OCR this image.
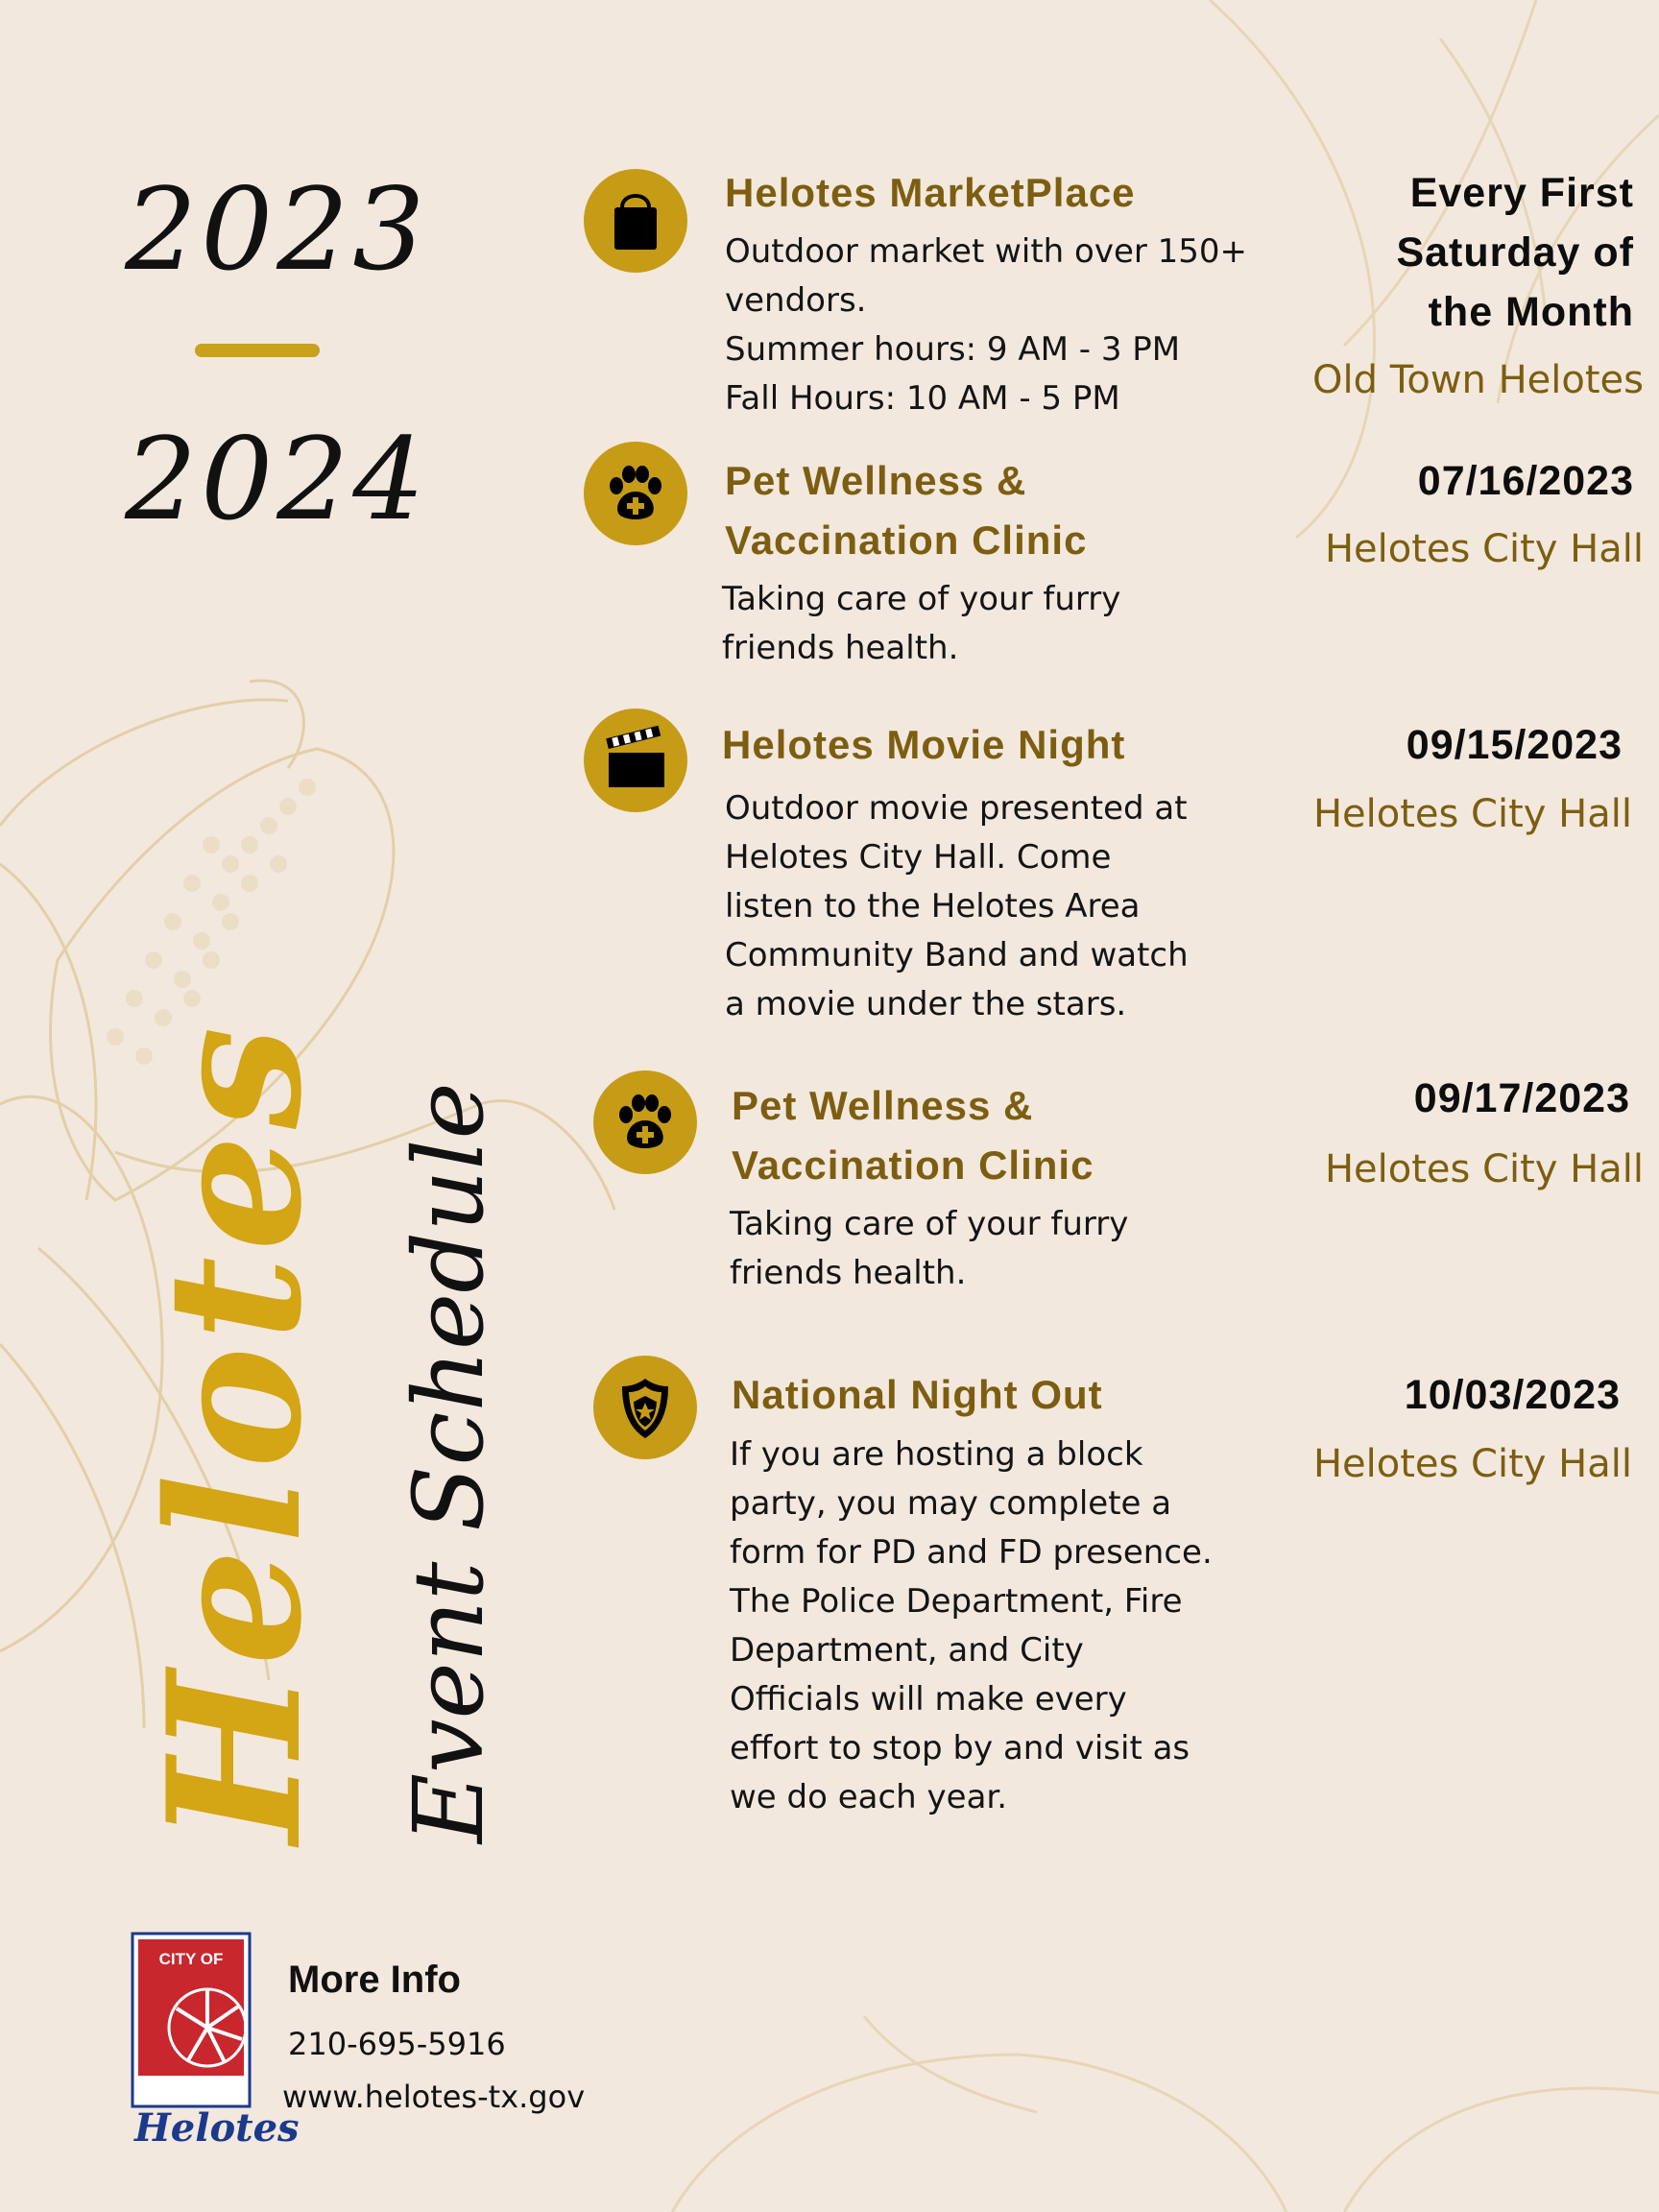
2023
2024
Helotes Event Schedule
Helotes MarketPlace
Outdoor market with over 150+
vendors.
Summer hours: 9 AM - 3 PM
Fall Hours: 10 AM - 5 PM
Every First
Saturday of
the Month
Old Town Helotes
Pet Wellness &
Vaccination Clinic
Taking care of your furry
friends health.
07/16/2023
Helotes City Hall
Helotes Movie Night
Outdoor movie presented at
Helotes City Hall. Come
listen to the Helotes Area
Community Band and watch
a movie under the stars.
09/15/2023
Helotes City Hall
Pet Wellness &
Vaccination Clinic
Taking care of your furry
friends health.
09/17/2023
Helotes City Hall
National Night Out
If you are hosting a block
party, you may complete a
form for PD and FD presence.
The Police Department, Fire
Department, and City
Officials will make every
effort to stop by and visit as
we do each year.
10/03/2023
Helotes City Hall
CITY OF
Helotes
More Info
210-695-5916
www.helotes-tx.gov
